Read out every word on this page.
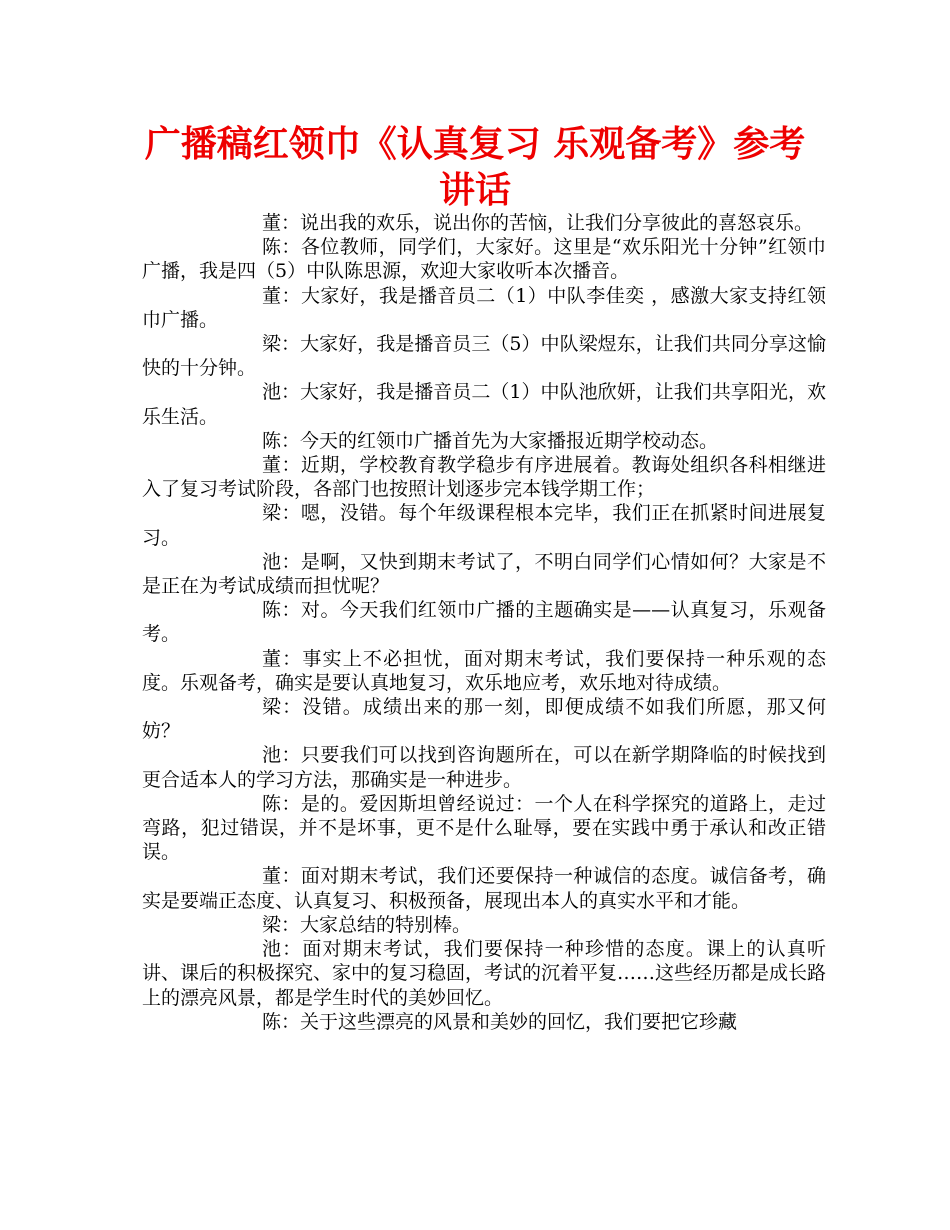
广播稿红领巾《认真复习 乐观备考》参考讲话

董：说出我的欢乐，说出你的苦恼，让我们分享彼此的喜怒哀乐。

陈：各位教师，同学们，大家好。这里是“欢乐阳光十分钟”红领巾广播，我是四（5）中队陈思源，欢迎大家收听本次播音。

董：大家好，我是播音员二（1）中队李佳奕 ，感激大家支持红领巾广播。

梁：大家好，我是播音员三（5）中队梁煜东，让我们共同分享这愉快的十分钟。

池：大家好，我是播音员二（1）中队池欣妍，让我们共享阳光，欢乐生活。

陈：今天的红领巾广播首先为大家播报近期学校动态。

董：近期，学校教育教学稳步有序进展着。教诲处组织各科相继进入了复习考试阶段，各部门也按照计划逐步完本钱学期工作；

梁：嗯，没错。每个年级课程根本完毕，我们正在抓紧时间进展复习。

池：是啊，又快到期末考试了，不明白同学们心情如何？大家是不是正在为考试成绩而担忧呢？

陈：对。今天我们红领巾广播的主题确实是——认真复习，乐观备考。

董：事实上不必担忧，面对期末考试，我们要保持一种乐观的态度。乐观备考，确实是要认真地复习，欢乐地应考，欢乐地对待成绩。

梁：没错。成绩出来的那一刻，即便成绩不如我们所愿，那又何妨？

池：只要我们可以找到咨询题所在，可以在新学期降临的时候找到更合适本人的学习方法，那确实是一种进步。

陈：是的。爱因斯坦曾经说过：一个人在科学探究的道路上，走过弯路，犯过错误，并不是坏事，更不是什么耻辱，要在实践中勇于承认和改正错误。

董：面对期末考试，我们还要保持一种诚信的态度。诚信备考，确实是要端正态度、认真复习、积极预备，展现出本人的真实水平和才能。

梁：大家总结的特别棒。

池：面对期末考试，我们要保持一种珍惜的态度。课上的认真听讲、课后的积极探究、家中的复习稳固，考试的沉着平复……这些经历都是成长路上的漂亮风景，都是学生时代的美妙回忆。

陈：关于这些漂亮的风景和美妙的回忆，我们要把它珍藏
